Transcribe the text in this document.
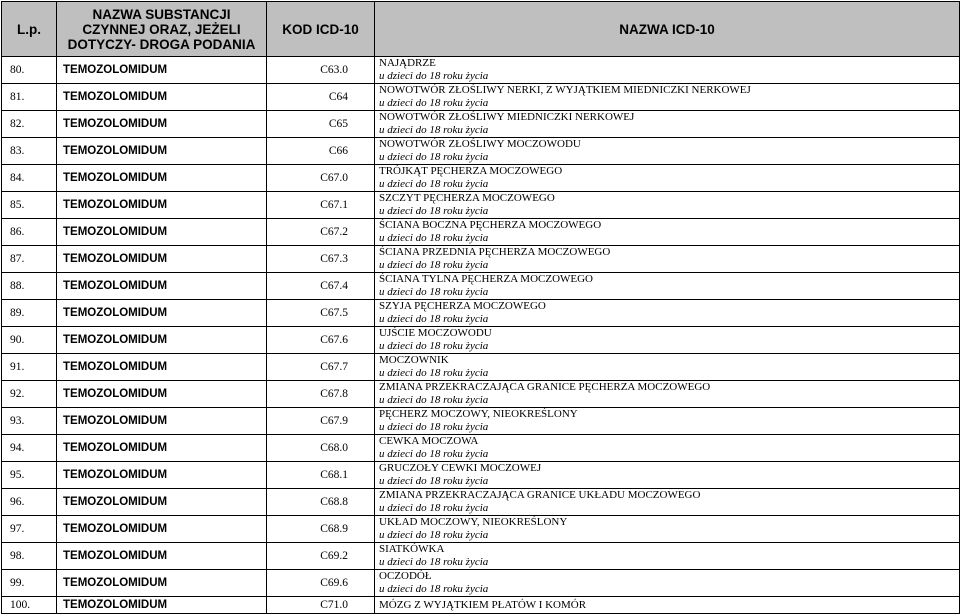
L.p.	NAZWA SUBSTANCJI
CZYNNEJ ORAZ, JEŻELI
DOTYCZY- DROGA PODANIA	KOD ICD-10	NAZWA ICD-10
80.	TEMOZOLOMIDUM	C63.0	NAJĄDRZE
u dzieci do 18 roku życia

81.	TEMOZOLOMIDUM	C64	NOWOTWÓR ZŁOŚLIWY NERKI, Z WYJĄTKIEM MIEDNICZKI NERKOWEJ
u dzieci do 18 roku życia

82.	TEMOZOLOMIDUM	C65	NOWOTWÓR ZŁOŚLIWY MIEDNICZKI NERKOWEJ
u dzieci do 18 roku życia

83.	TEMOZOLOMIDUM	C66	NOWOTWÓR ZŁOŚLIWY MOCZOWODU
u dzieci do 18 roku życia

84.	TEMOZOLOMIDUM	C67.0	TRÓJKĄT PĘCHERZA MOCZOWEGO
u dzieci do 18 roku życia

85.	TEMOZOLOMIDUM	C67.1	SZCZYT PĘCHERZA MOCZOWEGO
u dzieci do 18 roku życia

86.	TEMOZOLOMIDUM	C67.2	ŚCIANA BOCZNA PĘCHERZA MOCZOWEGO
u dzieci do 18 roku życia

87.	TEMOZOLOMIDUM	C67.3	ŚCIANA PRZEDNIA PĘCHERZA MOCZOWEGO
u dzieci do 18 roku życia

88.	TEMOZOLOMIDUM	C67.4	ŚCIANA TYLNA PĘCHERZA MOCZOWEGO
u dzieci do 18 roku życia

89.	TEMOZOLOMIDUM	C67.5	SZYJA PĘCHERZA MOCZOWEGO
u dzieci do 18 roku życia

90.	TEMOZOLOMIDUM	C67.6	UJŚCIE MOCZOWODU
u dzieci do 18 roku życia

91.	TEMOZOLOMIDUM	C67.7	MOCZOWNIK
u dzieci do 18 roku życia

92.	TEMOZOLOMIDUM	C67.8	ZMIANA PRZEKRACZAJĄCA GRANICE PĘCHERZA MOCZOWEGO
u dzieci do 18 roku życia

93.	TEMOZOLOMIDUM	C67.9	PĘCHERZ MOCZOWY, NIEOKREŚLONY
u dzieci do 18 roku życia

94.	TEMOZOLOMIDUM	C68.0	CEWKA MOCZOWA
u dzieci do 18 roku życia

95.	TEMOZOLOMIDUM	C68.1	GRUCZOŁY CEWKI MOCZOWEJ
u dzieci do 18 roku życia

96.	TEMOZOLOMIDUM	C68.8	ZMIANA PRZEKRACZAJĄCA GRANICE UKŁADU MOCZOWEGO
u dzieci do 18 roku życia

97.	TEMOZOLOMIDUM	C68.9	UKŁAD MOCZOWY, NIEOKREŚLONY
u dzieci do 18 roku życia

98.	TEMOZOLOMIDUM	C69.2	SIATKÓWKA
u dzieci do 18 roku życia

99.	TEMOZOLOMIDUM	C69.6	OCZODÓŁ
u dzieci do 18 roku życia

100.	TEMOZOLOMIDUM	C71.0	MÓZG Z WYJĄTKIEM PŁATÓW I KOMÓR
